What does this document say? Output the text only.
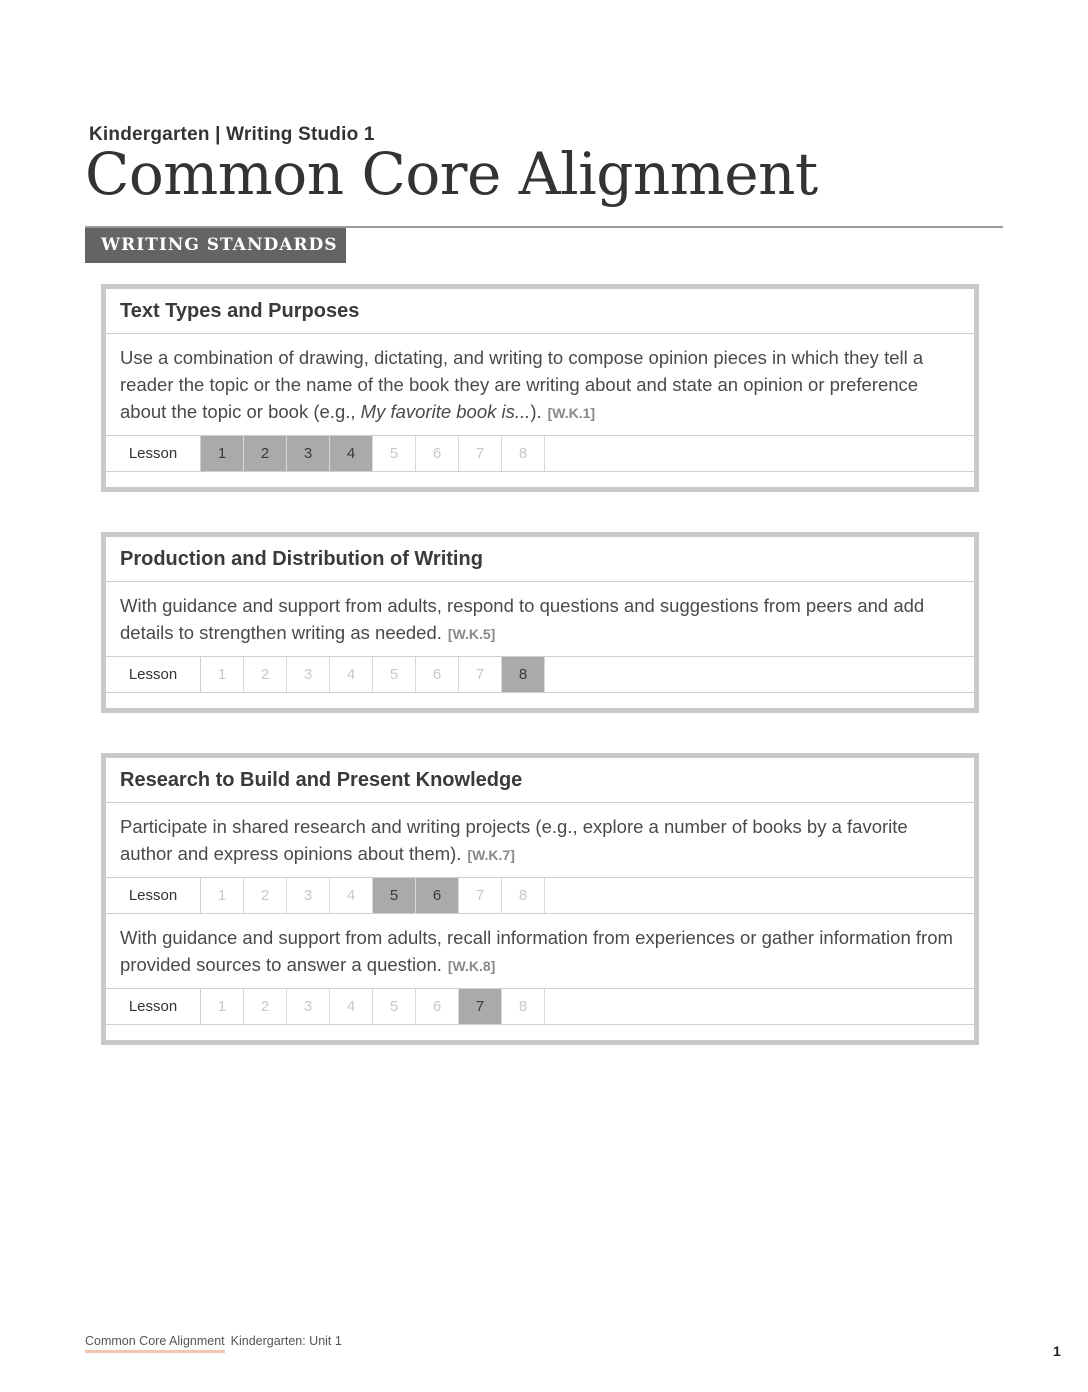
Kindergarten | Writing Studio 1
Common Core Alignment
WRITING STANDARDS
Text Types and Purposes
Use a combination of drawing, dictating, and writing to compose opinion pieces in which they tell a reader the topic or the name of the book they are writing about and state an opinion or preference about the topic or book (e.g., My favorite book is...). [W.K.1]
Lesson	1	2	3	4	5	6	7	8
Production and Distribution of Writing
With guidance and support from adults, respond to questions and suggestions from peers and add details to strengthen writing as needed. [W.K.5]
Lesson	1	2	3	4	5	6	7	8
Research to Build and Present Knowledge
Participate in shared research and writing projects (e.g., explore a number of books by a favorite author and express opinions about them). [W.K.7]
Lesson	1	2	3	4	5	6	7	8
With guidance and support from adults, recall information from experiences or gather information from provided sources to answer a question. [W.K.8]
Lesson	1	2	3	4	5	6	7	8
Common Core Alignment Kindergarten: Unit 1
1
